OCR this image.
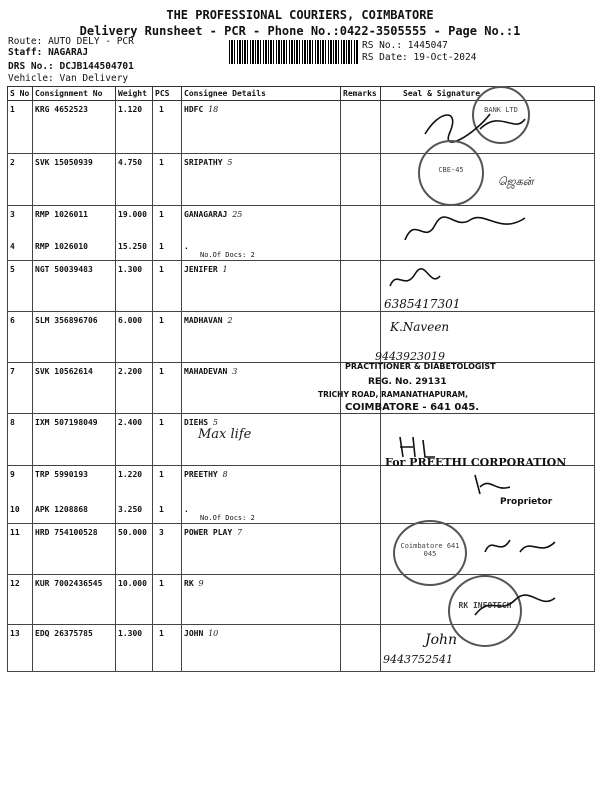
THE PROFESSIONAL COURIERS, COIMBATORE
Delivery Runsheet - PCR - Phone No.:0422-3505555 - Page No.:1
Route: AUTO DELY - PCR
Staff: NAGARAJ
DRS No.: DCJB144504701
Vehicle: Van Delivery
RS No.: 1445047
RS Date: 19-Oct-2024
S No	Consignment No	Weight	PCS	Consignee Details	Remarks	Seal & Signature
1	KRG 4652523	1.120	1	HDFC 18		
2	SVK 15050939	4.750	1	SRIPATHY 5		
3	RMP 1026011	19.000	1	GANAGARAJ 25		
4	RMP 1026010	15.250	1	.
No.Of Docs: 2		

5	NGT 50039483	1.300	1	JENIFER 1		
6	SLM 356896706	6.000	1	MADHAVAN 2		
7	SVK 10562614	2.200	1	MAHADEVAN 3		
8	IXM 507198049	2.400	1	DIEHS 5
Max life		
9	TRP 5990193	1.220	1	PREETHY 8		
10	APK 1208868	3.250	1	.
No.Of Docs: 2		

11	HRD 754100528	50.000	3	POWER PLAY 7		
12	KUR 7002436545	10.000	1	RK 9		
13	EDQ 26375785	1.300	1	JOHN 10		
BANK LTD
CBE-45
ஜெகன்
6385417301
K.Naveen
9443923019
PRACTITIONER & DIABETOLOGIST
REG. No. 29131
TRICHY ROAD, RAMANATHAPURAM,
COIMBATORE - 641 045.
For PREETHI CORPORATION
Proprietor
Coimbatore 641 045
RK INFOTECH
John
9443752541
